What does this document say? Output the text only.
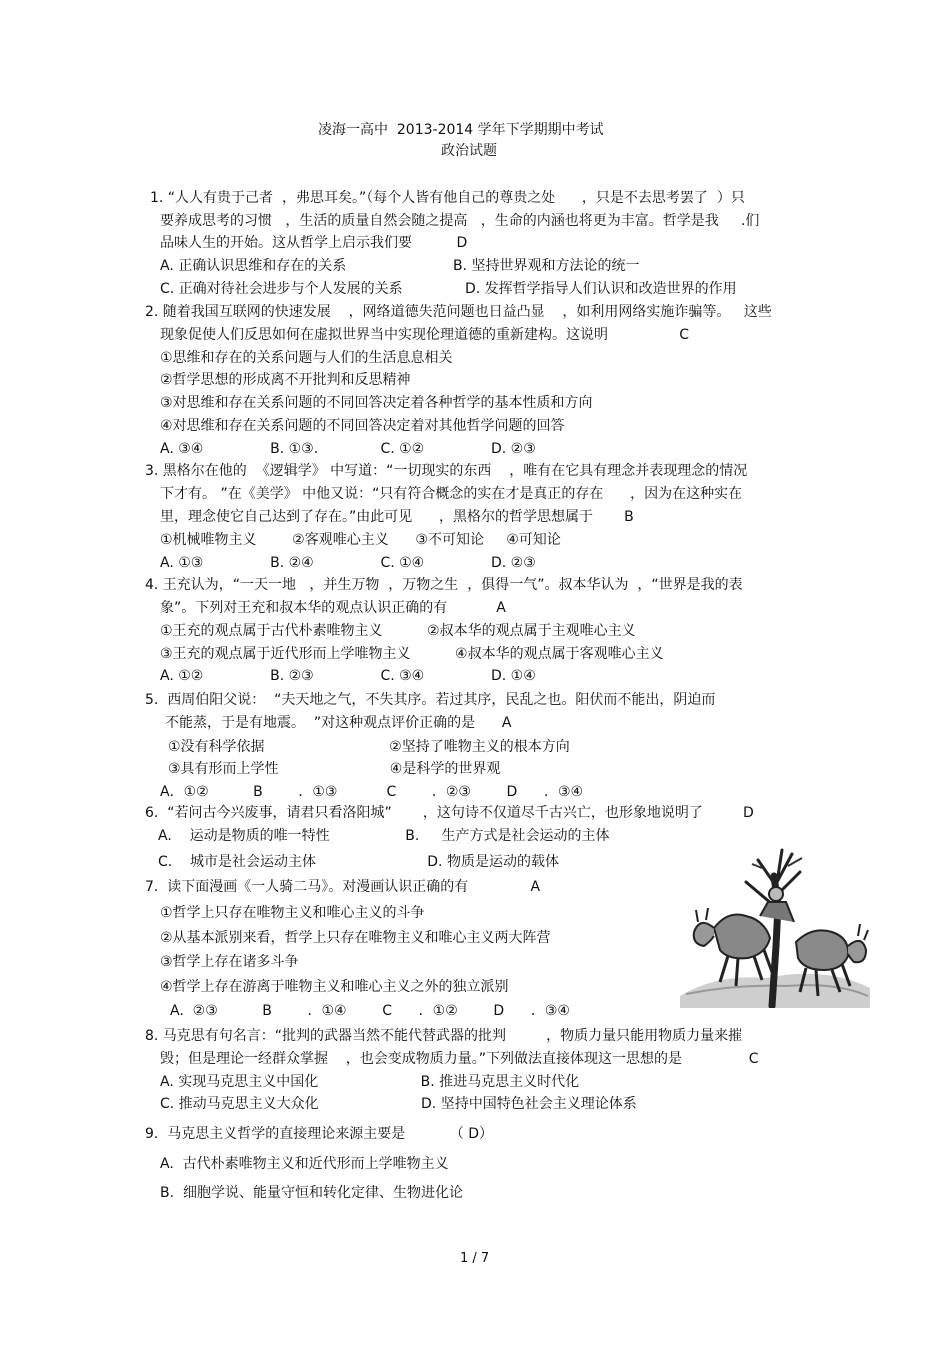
凌海一高中  2013-2014 学年下学期期中考试
政治试题
1. “人人有贵于己者  ，弗思耳矣。”（每个人皆有他自己的尊贵之处      ，只是不去思考罢了  ）只
要养成思考的习惯   ，生活的质量自然会随之提高   ，生命的内涵也将更为丰富。哲学是我     .们
品味人生的开始。这从哲学上启示我们要          D
A. 正确认识思维和存在的关系                        B. 坚持世界观和方法论的统一
C. 正确对待社会进步与个人发展的关系              D. 发挥哲学指导人们认识和改造世界的作用
2. 随着我国互联网的快速发展    ，网络道德失范问题也日益凸显    ，如利用网络实施诈骗等。   这些
现象促使人们反思如何在虚拟世界当中实现伦理道德的重新建构。这说明                C
①思维和存在的关系问题与人们的生活息息相关
②哲学思想的形成离不开批判和反思精神
③对思维和存在关系问题的不同回答决定着各种哲学的基本性质和方向
④对思维和存在关系问题的不同回答决定着对其他哲学问题的回答
A. ③④               B. ①③.              C. ①②               D. ②③
3. 黑格尔在他的  《逻辑学》 中写道：“一切现实的东西    ，唯有在它具有理念并表现理念的情况
下才有。 ”在《美学》 中他又说：“只有符合概念的实在才是真正的存在      ，因为在这种实在
里，理念使它自己达到了存在。”由此可见      ，黑格尔的哲学思想属于       B
①机械唯物主义        ②客观唯心主义      ③不可知论     ④可知论
A. ①③               B. ②④               C. ①④               D. ②③
4. 王充认为，“一天一地   ，并生万物  ，万物之生  ，俱得一气”。叔本华认为  ，“世界是我的表
象”。下列对王充和叔本华的观点认识正确的有           A
①王充的观点属于古代朴素唯物主义          ②叔本华的观点属于主观唯心主义
③王充的观点属于近代形而上学唯物主义          ④叔本华的观点属于客观唯心主义
A. ①②               B. ②③               C. ③④               D. ①④
5.  西周伯阳父说：  “夫天地之气，不失其序。若过其序，民乱之也。阳伏而不能出，阴迫而
不能蒸，于是有地震。  ”对这种观点评价正确的是      A
①没有科学依据                            ②坚持了唯物主义的根本方向
③具有形而上学性                         ④是科学的世界观
A．①②          B        ．①③           C        ．②③        D      ．③④
6.  “若问古今兴废事，请君只看洛阳城”       ，这句诗不仅道尽千古兴亡，也形象地说明了         D
A.    运动是物质的唯一特性                 B.     生产方式是社会运动的主体
C.    城市是社会运动主体                         D. 物质是运动的载体
7.  读下面漫画《一人骑二马》。对漫画认识正确的有              A
①哲学上只存在唯物主义和唯心主义的斗争
②从基本派别来看，哲学上只存在唯物主义和唯心主义两大阵营
③哲学上存在诸多斗争
④哲学上存在游离于唯物主义和唯心主义之外的独立派别
A.  ②③          B        ．①④        C      ．①②        D      ．③④
8. 马克思有句名言：“批判的武器当然不能代替武器的批判         ，物质力量只能用物质力量来摧
毁；但是理论一经群众掌握    ，也会变成物质力量。”下列做法直接体现这一思想的是               C
A. 实现马克思主义中国化                       B. 推进马克思主义时代化
C. 推动马克思主义大众化                       D. 坚持中国特色社会主义理论体系
9.  马克思主义哲学的直接理论来源主要是          （ D）
A.  古代朴素唯物主义和近代形而上学唯物主义
B.  细胞学说、能量守恒和转化定律、生物进化论
1 / 7
